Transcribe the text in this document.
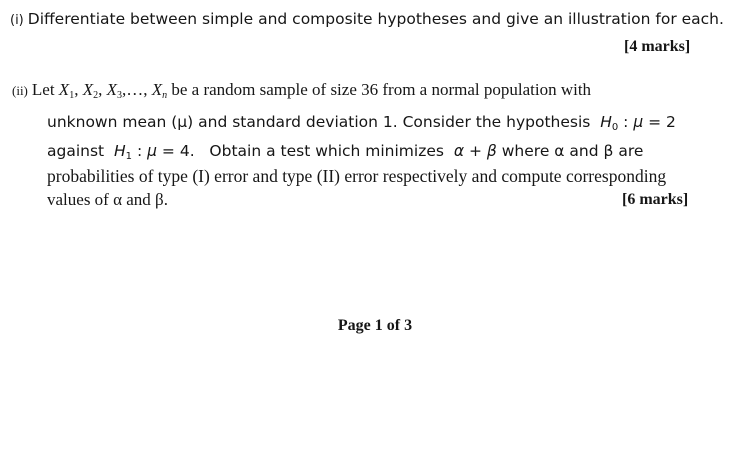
(i) Differentiate between simple and composite hypotheses and give an illustration for each.
[4 marks]
(ii) Let $X_1$, $X_2$, $X_3,\dots$, $X_n$ be a random sample of size 36 from a normal population with
unknown mean (μ) and standard deviation 1. Consider the hypothesis $H_0$ : μ = 2
against $H_1$ : μ = 4. Obtain a test which minimizes α + β where α and β are
probabilities of type (I) error and type (II) error respectively and compute corresponding
values of α and β.	[6 marks]
Page 1 of 3
